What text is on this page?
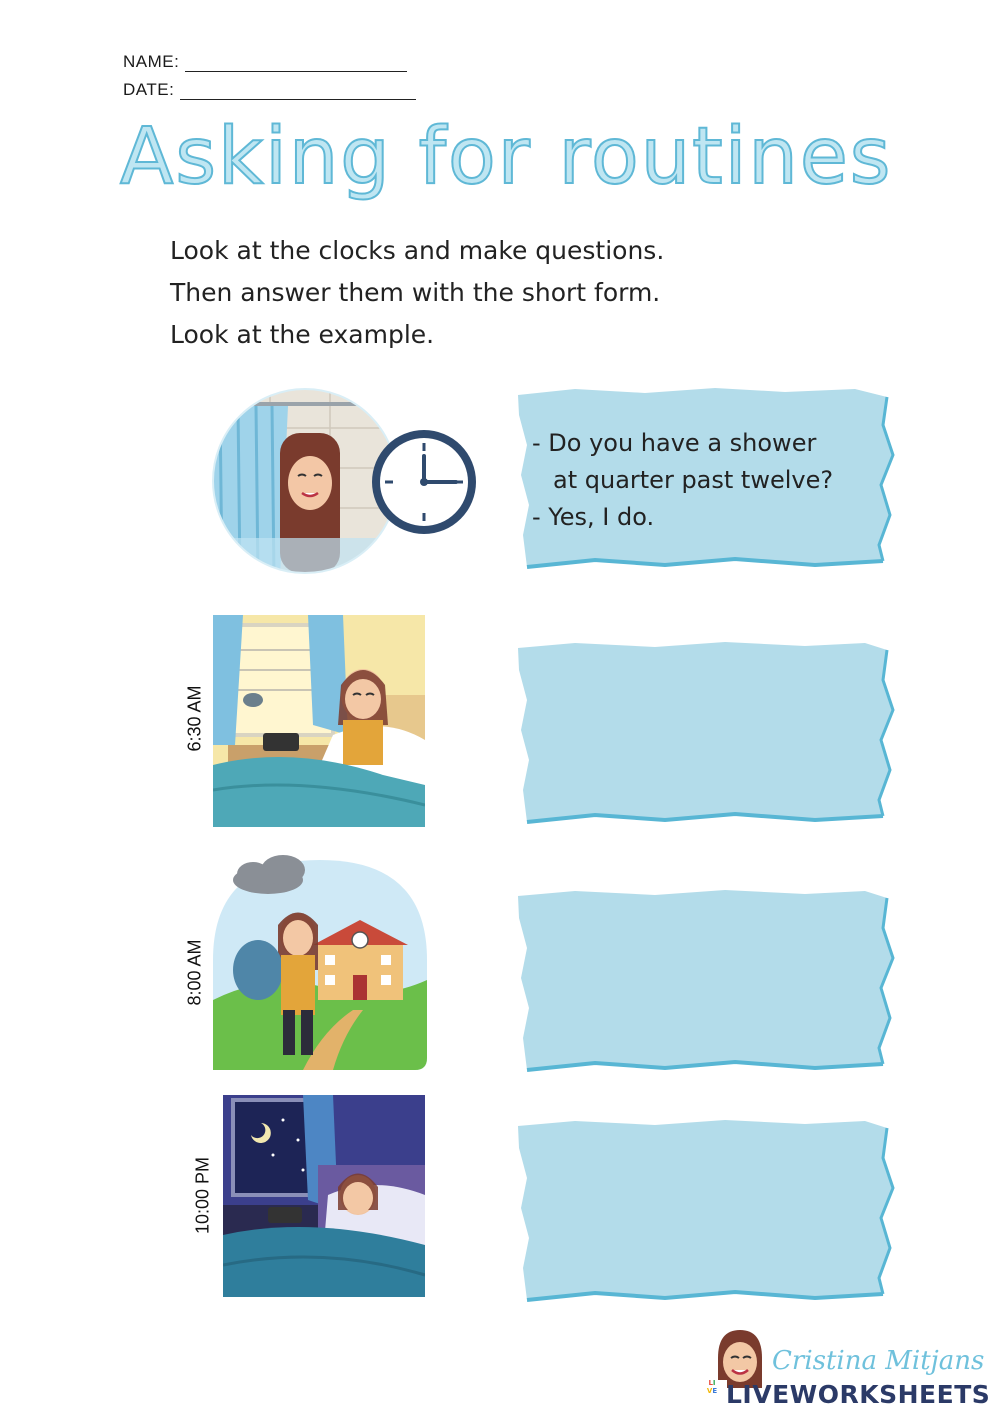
NAME:
DATE:
Asking for routines
Look at the clocks and make questions.
Then answer them with the short form.
Look at the example.
- Do you have a shower
at quarter past twelve?
- Yes, I do.
6:30 AM
8:00 AM
10:00 PM
Cristina Mitjans
LI
VE LIVEWORKSHEETS
